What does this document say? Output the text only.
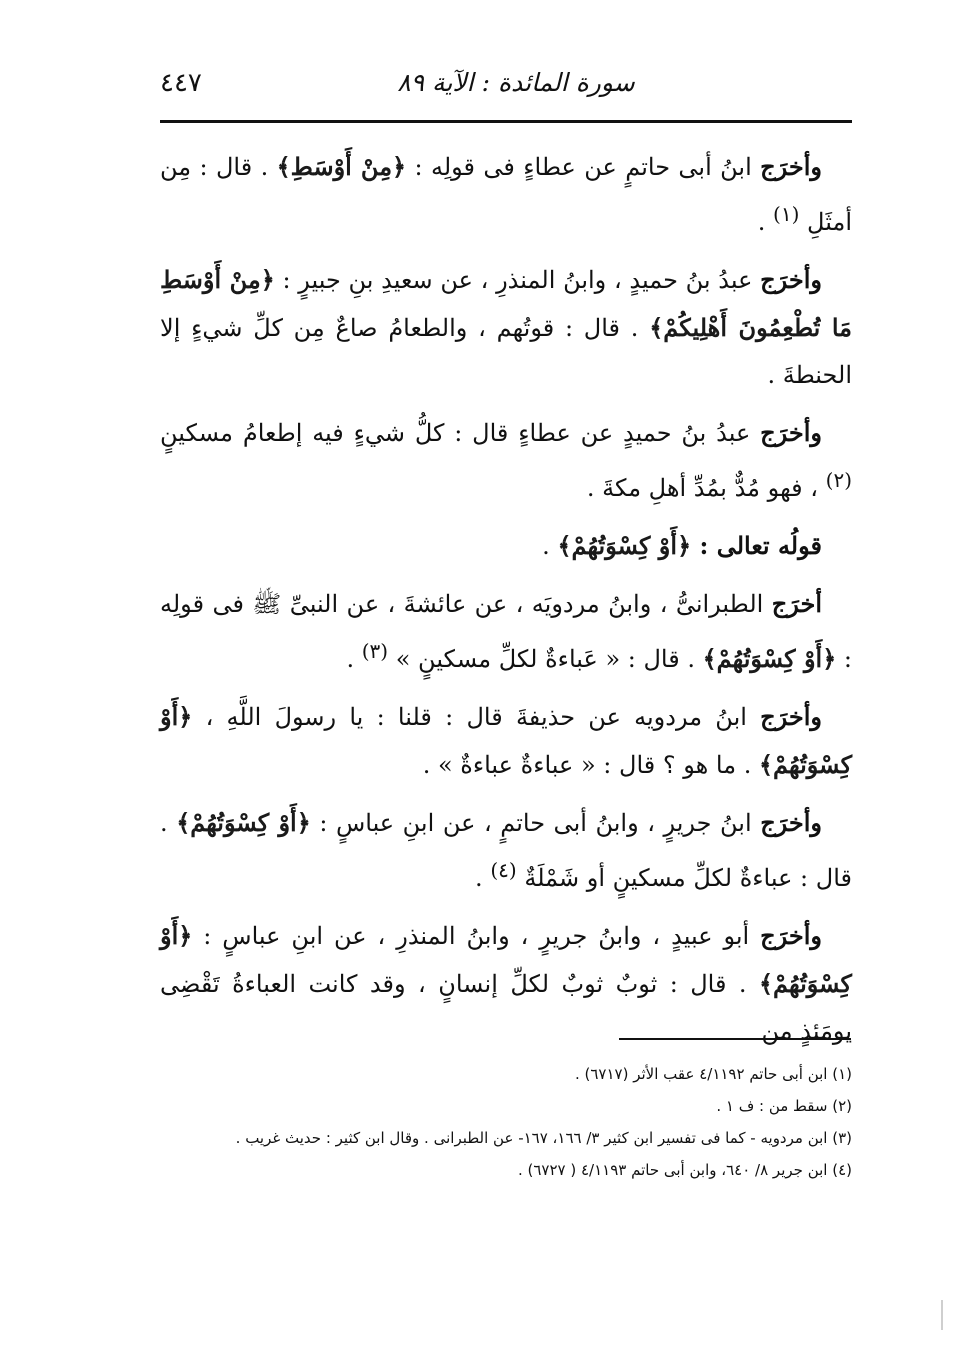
٤٤٧	سورة المائدة : الآية ٨٩

وأخرَج ابنُ أبى حاتمٍ عن عطاءٍ فى قولِه : ﴿مِنْ أَوْسَطِ﴾ . قال : مِن أمثَلِ $^{(١)}$ .

وأخرَج عبدُ بنُ حميدٍ ، وابنُ المنذرِ ، عن سعيدِ بنِ جبيرٍ : ﴿مِنْ أَوْسَطِ مَا تُطْعِمُونَ أَهْلِيكُمْ﴾ . قال : قوتُهم ، والطعامُ صاعٌ مِن كلِّ شيءٍ إلا الحنطةَ .

وأخرَج عبدُ بنُ حميدٍ عن عطاءٍ قال : كلُّ شيءٍ فيه إطعامُ مسكينٍ $^{(٢)}$ ، فهو مُدٌّ بمُدِّ أهلِ مكةَ .

قولُه تعالى : ﴿أَوْ كِسْوَتُهُمْ﴾ .

أخرَج الطبرانىُّ ، وابنُ مردويَه ، عن عائشةَ ، عن النبىِّ ﷺ فى قولِه : ﴿أَوْ كِسْوَتُهُمْ﴾ . قال : « عَباءةٌ لكلِّ مسكينٍ » $^{(٣)}$ .

وأخرَج ابنُ مردويه عن حذيفةَ قال : قلنا : يا رسولَ اللَّهِ ، ﴿أَوْ كِسْوَتُهُمْ﴾ . ما هو ؟ قال : « عباءةٌ عباءةٌ » .

وأخرَج ابنُ جريرٍ ، وابنُ أبى حاتمٍ ، عن ابنِ عباسٍ : ﴿أَوْ كِسْوَتُهُمْ﴾ . قال : عباءةٌ لكلِّ مسكينٍ أو شَمْلَةٌ $^{(٤)}$ .

وأخرَج أبو عبيدٍ ، وابنُ جريرٍ ، وابنُ المنذرِ ، عن ابنِ عباسٍ : ﴿أَوْ كِسْوَتُهُمْ﴾ . قال : ثوبٌ ثوبٌ لكلِّ إنسانٍ ، وقد كانت العباءةُ تَقْضِى يومَئذٍ من

(١) ابن أبى حاتم ٤/١١٩٢ عقب الأثر (٦٧١٧) .

(٢) سقط من : ف ١ .

(٣) ابن مردويه - كما فى تفسير ابن كثير ٣/ ١٦٦، ١٦٧- عن الطبرانى . وقال ابن كثير : حديث غريب .

(٤) ابن جرير ٨/ ٦٤٠، وابن أبى حاتم ٤/١١٩٣ ( ٦٧٢٧) .
